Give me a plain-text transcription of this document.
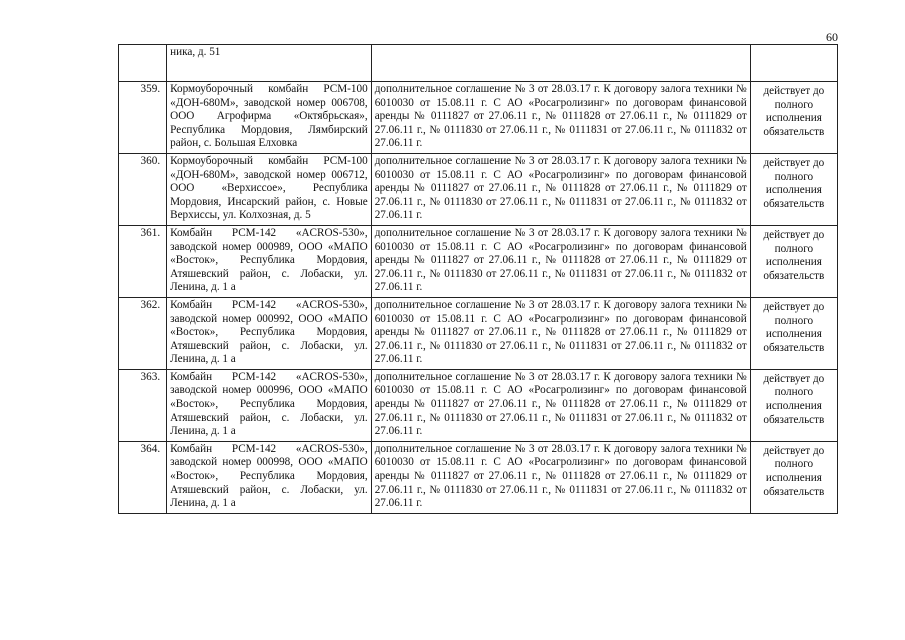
60
	ника, д. 51		
359.	Кормоуборочный комбайн РСМ-100 «ДОН-680М», заводской номер 006708, ООО Агрофирма «Октябрьская», Республика Мордовия, Лямбирский район, с. Большая Елховка	дополнительное соглашение № 3 от 28.03.17 г. К договору залога техники № 6010030 от 15.08.11 г. С АО «Росагролизинг» по договорам финансовой аренды № 0111827 от 27.06.11 г., № 0111828 от 27.06.11 г., № 0111829 от 27.06.11 г., № 0111830 от 27.06.11 г., № 0111831 от 27.06.11 г., № 0111832 от 27.06.11 г.	действует до полного исполнения обязательств
360.	Кормоуборочный комбайн РСМ-100 «ДОН-680М», заводской номер 006712, ООО «Верхиссое», Республика Мордовия, Инсарский район, с. Новые Верхиссы, ул. Колхозная, д. 5	дополнительное соглашение № 3 от 28.03.17 г. К договору залога техники № 6010030 от 15.08.11 г. С АО «Росагролизинг» по договорам финансовой аренды № 0111827 от 27.06.11 г., № 0111828 от 27.06.11 г., № 0111829 от 27.06.11 г., № 0111830 от 27.06.11 г., № 0111831 от 27.06.11 г., № 0111832 от 27.06.11 г.	действует до полного исполнения обязательств
361.	Комбайн РСМ-142 «ACROS-530», заводской номер 000989, ООО «МАПО «Восток», Республика Мордовия, Атяшевский район, с. Лобаски, ул. Ленина, д. 1 а	дополнительное соглашение № 3 от 28.03.17 г. К договору залога техники № 6010030 от 15.08.11 г. С АО «Росагролизинг» по договорам финансовой аренды № 0111827 от 27.06.11 г., № 0111828 от 27.06.11 г., № 0111829 от 27.06.11 г., № 0111830 от 27.06.11 г., № 0111831 от 27.06.11 г., № 0111832 от 27.06.11 г.	действует до полного исполнения обязательств
362.	Комбайн РСМ-142 «ACROS-530», заводской номер 000992, ООО «МАПО «Восток», Республика Мордовия, Атяшевский район, с. Лобаски, ул. Ленина, д. 1 а	дополнительное соглашение № 3 от 28.03.17 г. К договору залога техники № 6010030 от 15.08.11 г. С АО «Росагролизинг» по договорам финансовой аренды № 0111827 от 27.06.11 г., № 0111828 от 27.06.11 г., № 0111829 от 27.06.11 г., № 0111830 от 27.06.11 г., № 0111831 от 27.06.11 г., № 0111832 от 27.06.11 г.	действует до полного исполнения обязательств
363.	Комбайн РСМ-142 «ACROS-530», заводской номер 000996, ООО «МАПО «Восток», Республика Мордовия, Атяшевский район, с. Лобаски, ул. Ленина, д. 1 а	дополнительное соглашение № 3 от 28.03.17 г. К договору залога техники № 6010030 от 15.08.11 г. С АО «Росагролизинг» по договорам финансовой аренды № 0111827 от 27.06.11 г., № 0111828 от 27.06.11 г., № 0111829 от 27.06.11 г., № 0111830 от 27.06.11 г., № 0111831 от 27.06.11 г., № 0111832 от 27.06.11 г.	действует до полного исполнения обязательств
364.	Комбайн РСМ-142 «ACROS-530», заводской номер 000998, ООО «МАПО «Восток», Республика Мордовия, Атяшевский район, с. Лобаски, ул. Ленина, д. 1 а	дополнительное соглашение № 3 от 28.03.17 г. К договору залога техники № 6010030 от 15.08.11 г. С АО «Росагролизинг» по договорам финансовой аренды № 0111827 от 27.06.11 г., № 0111828 от 27.06.11 г., № 0111829 от 27.06.11 г., № 0111830 от 27.06.11 г., № 0111831 от 27.06.11 г., № 0111832 от 27.06.11 г.	действует до полного исполнения обязательств
